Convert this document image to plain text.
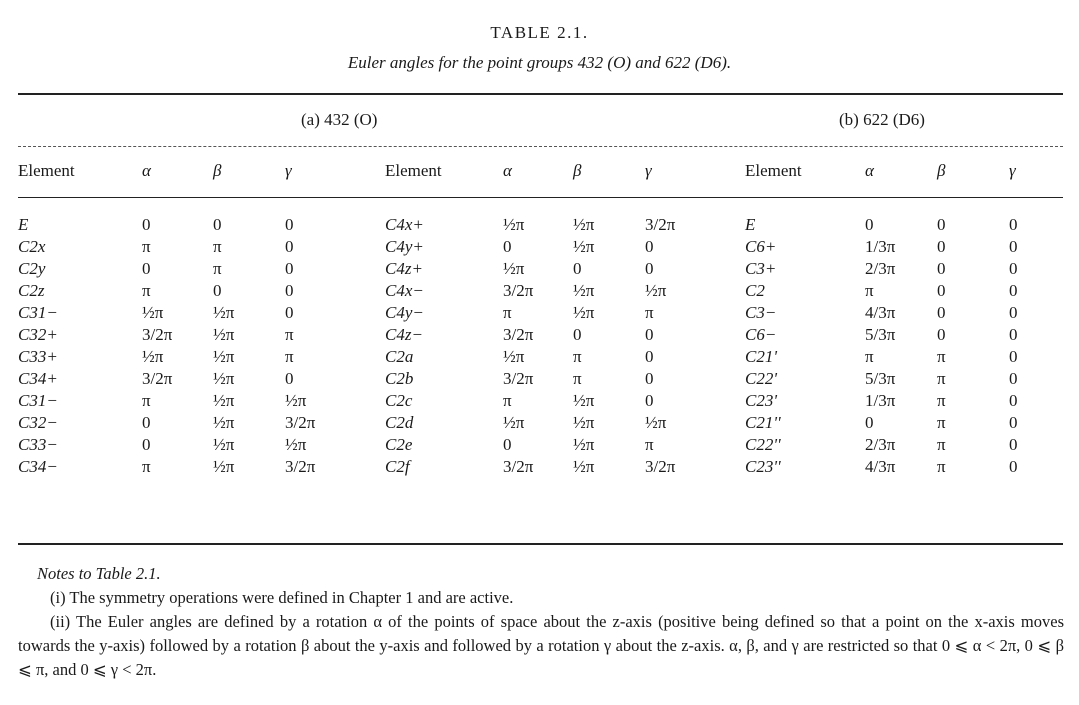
TABLE 2.1.
Euler angles for the point groups 432 (O) and 622 (D6).
(a) 432 (O)	(b) 622 (D6)
Element	α	β	γ	Element	α	β	γ	Element	α	β	γ
E	0	0	0	C4x+	½π	½π	3/2π	E	0	0	0
C2x	π	π	0	C4y+	0	½π	0	C6+	1/3π	0	0
C2y	0	π	0	C4z+	½π	0	0	C3+	2/3π	0	0
C2z	π	0	0	C4x−	3/2π	½π	½π	C2	π	0	0
C31−	½π	½π	0	C4y−	π	½π	π	C3−	4/3π	0	0
C32+	3/2π	½π	π	C4z−	3/2π	0	0	C6−	5/3π	0	0
C33+	½π	½π	π	C2a	½π	π	0	C21'	π	π	0
C34+	3/2π	½π	0	C2b	3/2π	π	0	C22'	5/3π	π	0
C31−	π	½π	½π	C2c	π	½π	0	C23'	1/3π	π	0
C32−	0	½π	3/2π	C2d	½π	½π	½π	C21''	0	π	0
C33−	0	½π	½π	C2e	0	½π	π	C22''	2/3π	π	0
C34−	π	½π	3/2π	C2f	3/2π	½π	3/2π	C23''	4/3π	π	0
Notes to Table 2.1.
(i) The symmetry operations were defined in Chapter 1 and are active.
(ii) The Euler angles are defined by a rotation α of the points of space about the z-axis (positive being defined so that a point on the x-axis moves towards the y-axis) followed by a rotation β about the y-axis and followed by a rotation γ about the z-axis. α, β, and γ are restricted so that 0 ⩽ α < 2π, 0 ⩽ β ⩽ π, and 0 ⩽ γ < 2π.
